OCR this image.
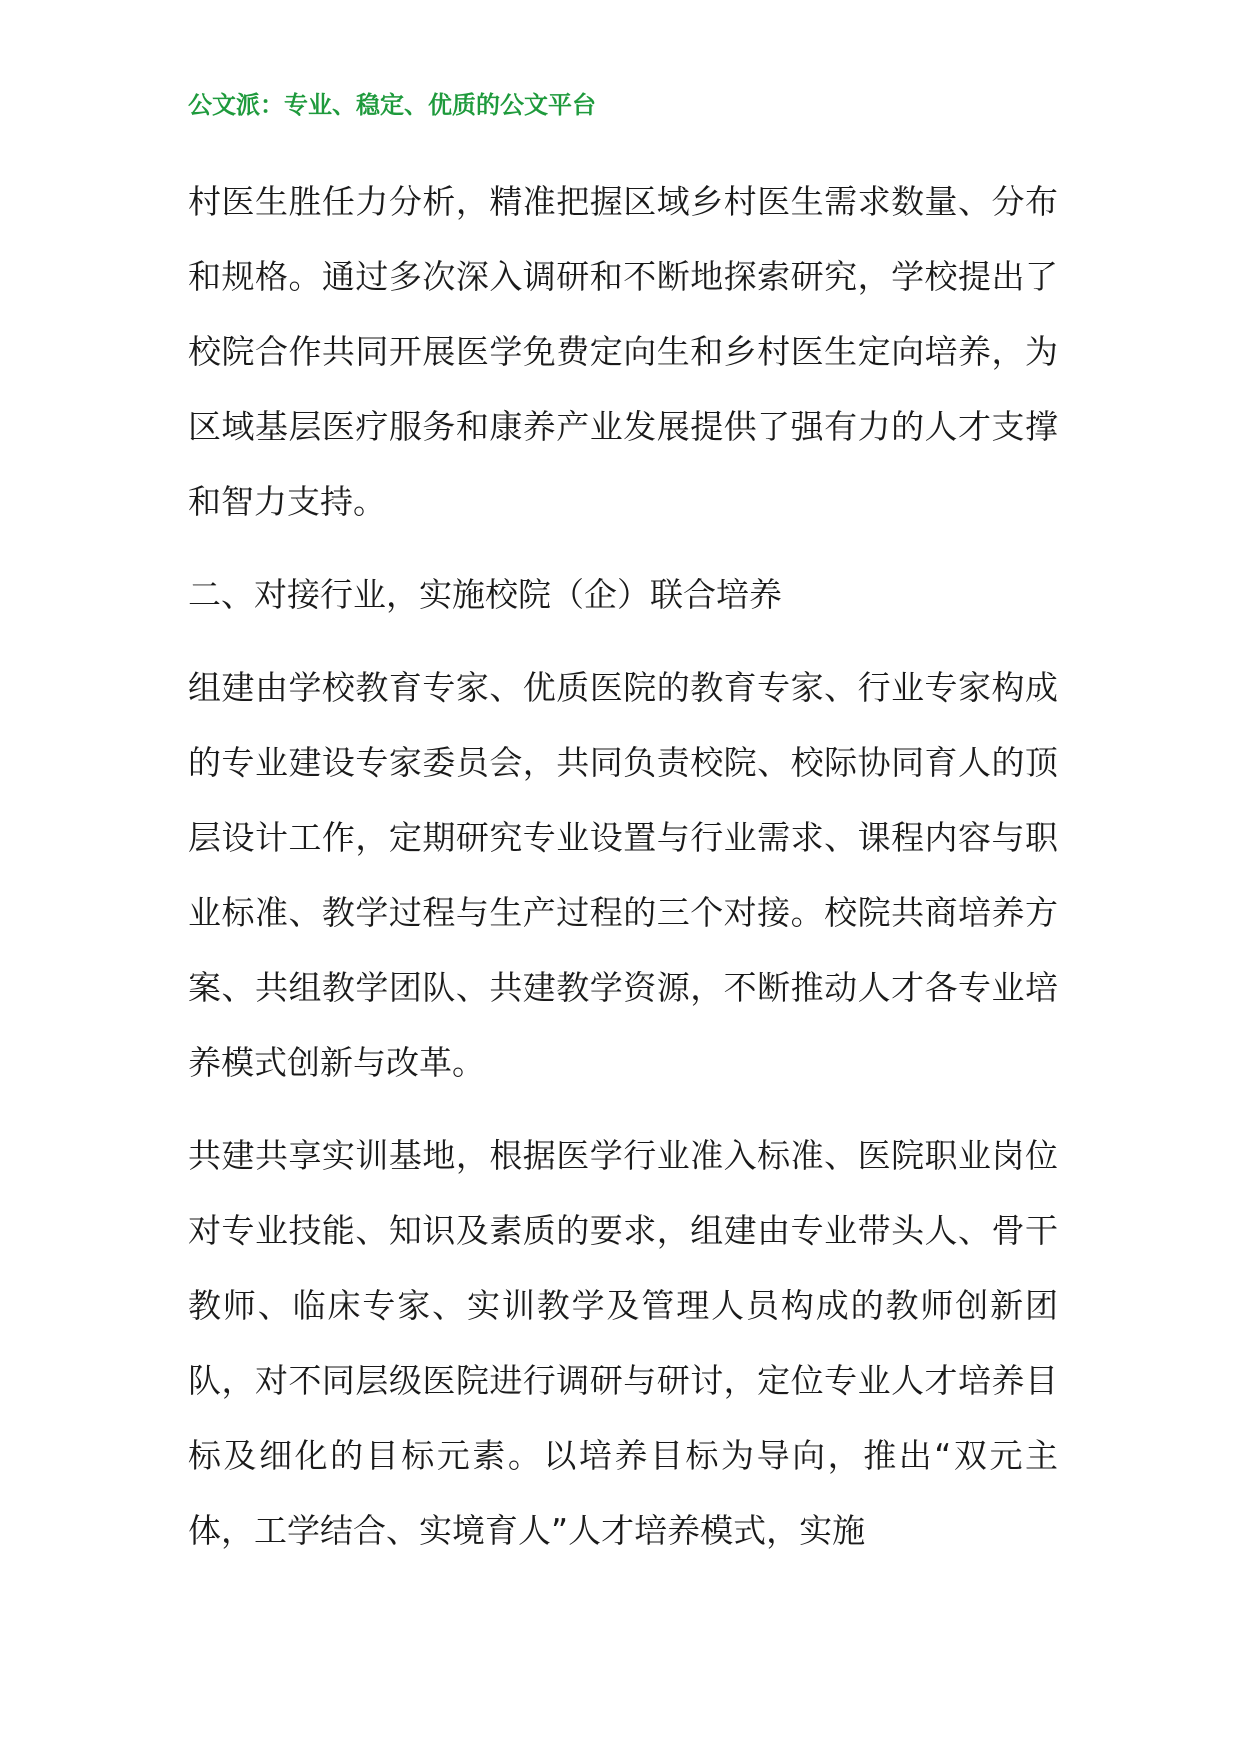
公文派：专业、稳定、优质的公文平台

村医生胜任力分析，精准把握区域乡村医生需求数量、分布和规格。通过多次深入调研和不断地探索研究，学校提出了校院合作共同开展医学免费定向生和乡村医生定向培养，为区域基层医疗服务和康养产业发展提供了强有力的人才支撑和智力支持。

二、对接行业，实施校院（企）联合培养

组建由学校教育专家、优质医院的教育专家、行业专家构成的专业建设专家委员会，共同负责校院、校际协同育人的顶层设计工作，定期研究专业设置与行业需求、课程内容与职业标准、教学过程与生产过程的三个对接。校院共商培养方案、共组教学团队、共建教学资源，不断推动人才各专业培养模式创新与改革。

共建共享实训基地，根据医学行业准入标准、医院职业岗位对专业技能、知识及素质的要求，组建由专业带头人、骨干教师、临床专家、实训教学及管理人员构成的教师创新团队，对不同层级医院进行调研与研讨，定位专业人才培养目标及细化的目标元素。以培养目标为导向，推出“双元主体，工学结合、实境育人”人才培养模式，实施
